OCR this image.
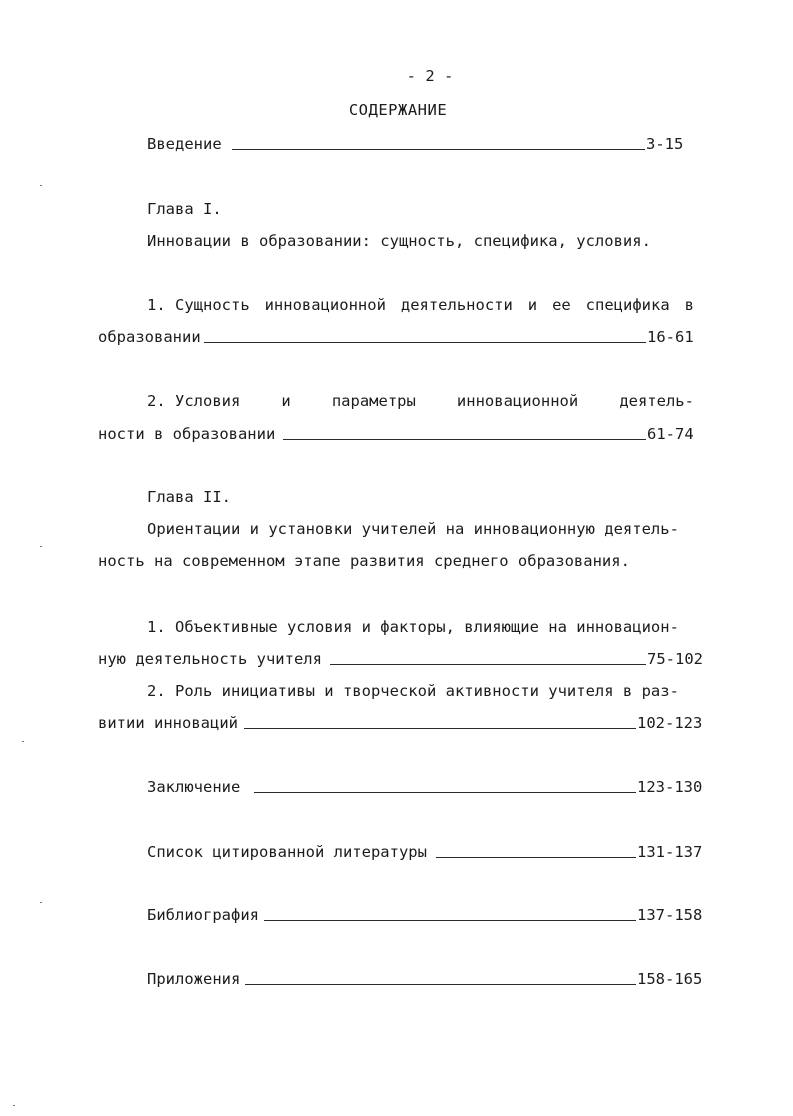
- 2 -
СОДЕРЖАНИЕ
Введение	3-15
Глава I.
Инновации в образовании: сущность, специфика, условия.
1. Сущность инновационной деятельности и ее специфика в
образовании	16-61
2. Условия	и	параметры	инновационной	деятель-
ности в образовании	61-74
Глава II.
Ориентации и установки учителей на инновационную деятель-
ность на современном этапе развития среднего образования.
1. Объективные условия и факторы, влияющие на инновацион-
ную деятельность учителя	75-102
2. Роль инициативы и творческой активности учителя в раз-
витии инноваций	102-123
Заключение	123-130
Список цитированной литературы	131-137
Библиография	137-158
Приложения	158-165
